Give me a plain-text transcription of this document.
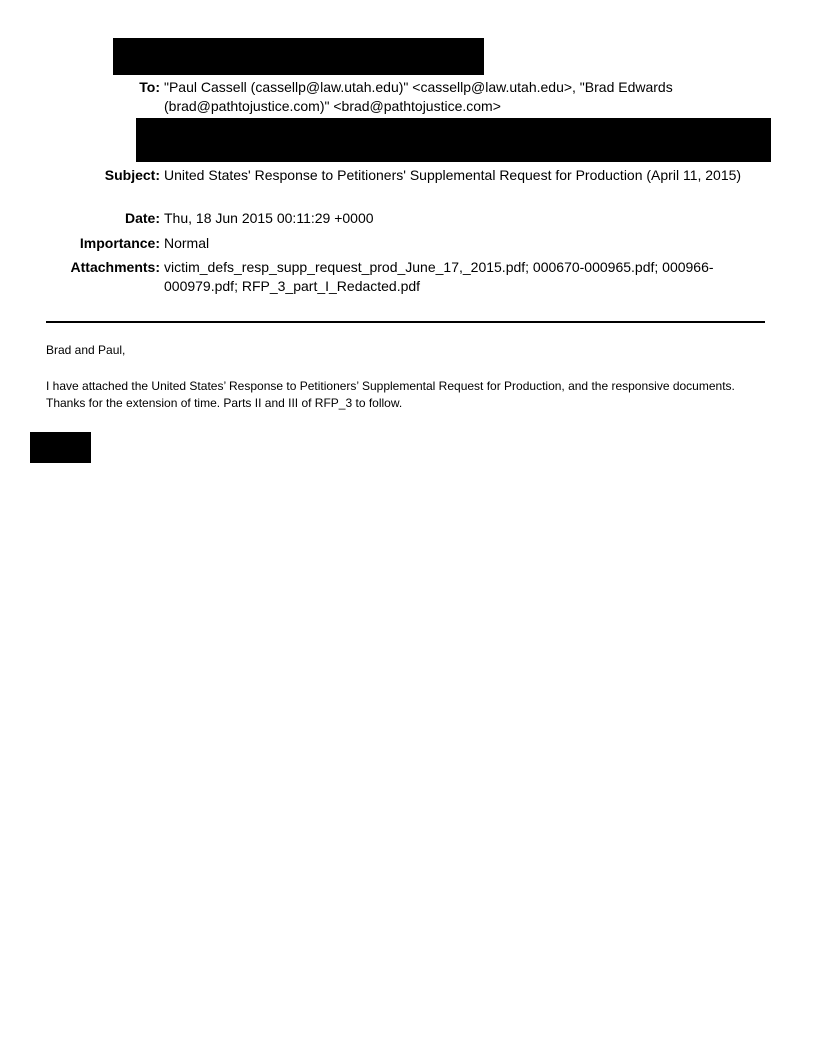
To: "Paul Cassell (cassellp@law.utah.edu)" <cassellp@law.utah.edu>, "Brad Edwards (brad@pathtojustice.com)" <brad@pathtojustice.com>
Subject: United States' Response to Petitioners' Supplemental Request for Production (April 11, 2015)
Date: Thu, 18 Jun 2015 00:11:29 +0000
Importance: Normal
Attachments: victim_defs_resp_supp_request_prod_June_17,_2015.pdf; 000670-000965.pdf; 000966-000979.pdf; RFP_3_part_I_Redacted.pdf
Brad and Paul,
I have attached the United States’ Response to Petitioners’ Supplemental Request for Production, and the responsive documents. Thanks for the extension of time. Parts II and III of RFP_3 to follow.
